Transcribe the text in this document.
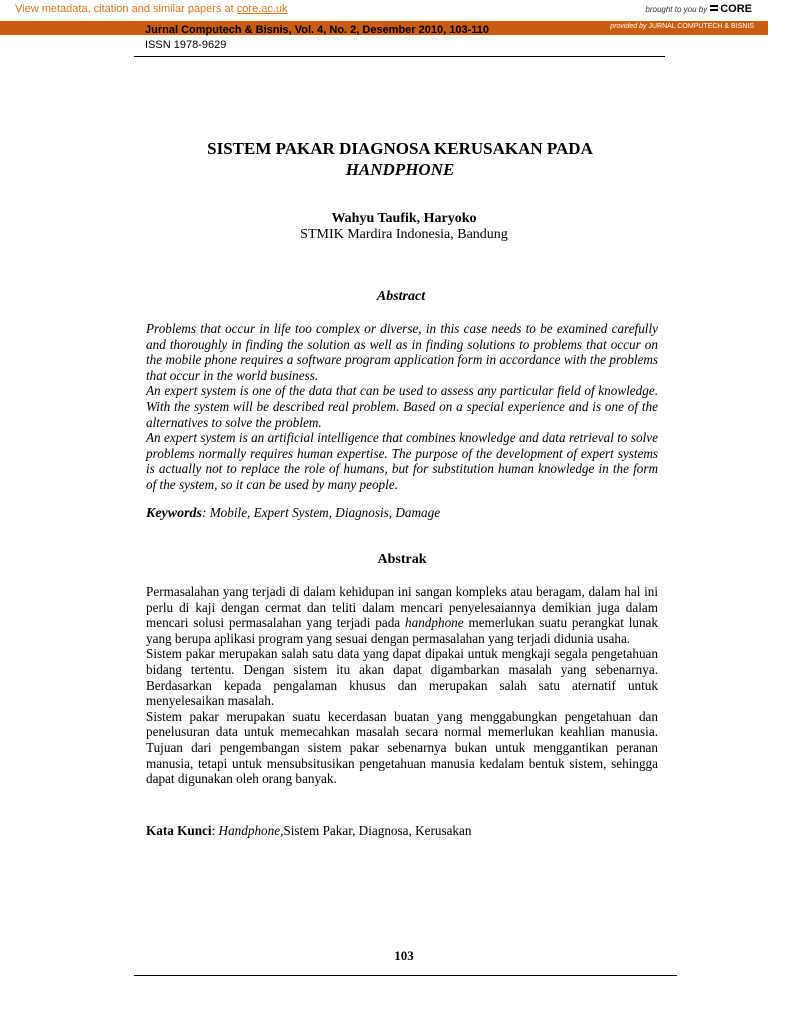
View metadata, citation and similar papers at core.ac.uk	brought to you by CORE
provided by JURNAL COMPUTECH & BISNIS
Jurnal Computech & Bisnis, Vol. 4, No. 2, Desember 2010, 103-110
ISSN 1978-9629
SISTEM PAKAR DIAGNOSA KERUSAKAN PADA
HANDPHONE
Wahyu Taufik, Haryoko
STMIK Mardira Indonesia, Bandung
Abstract

Problems that occur in life too complex or diverse, in this case needs to be examined carefully and thoroughly in finding the solution as well as in finding solutions to problems that occur on the mobile phone requires a software program application form in accordance with the problems that occur in the world business.

An expert system is one of the data that can be used to assess any particular field of knowledge. With the system will be described real problem. Based on a special experience and is one of the alternatives to solve the problem.

An expert system is an artificial intelligence that combines knowledge and data retrieval to solve problems normally requires human expertise. The purpose of the development of expert systems is actually not to replace the role of humans, but for substitution human knowledge in the form of the system, so it can be used by many people.

Keywords: Mobile, Expert System, Diagnosis, Damage
Abstrak

Permasalahan yang terjadi di dalam kehidupan ini sangan kompleks atau beragam, dalam hal ini perlu di kaji dengan cermat dan teliti dalam mencari penyelesaiannya demikian juga dalam mencari solusi permasalahan yang terjadi pada handphone memerlukan suatu perangkat lunak yang berupa aplikasi program yang sesuai dengan permasalahan yang terjadi didunia usaha.

Sistem pakar merupakan salah satu data yang dapat dipakai untuk mengkaji segala pengetahuan bidang tertentu. Dengan sistem itu akan dapat digambarkan masalah yang sebenarnya. Berdasarkan kepada pengalaman khusus dan merupakan salah satu aternatif untuk menyelesaikan masalah.

Sistem pakar merupakan suatu kecerdasan buatan yang menggabungkan pengetahuan dan penelusuran data untuk memecahkan masalah secara normal memerlukan keahlian manusia. Tujuan dari pengembangan sistem pakar sebenarnya bukan untuk menggantikan peranan manusia, tetapi untuk mensubsitusikan pengetahuan manusia kedalam bentuk sistem, sehingga dapat digunakan oleh orang banyak.

Kata Kunci: Handphone,Sistem Pakar, Diagnosa, Kerusakan
103
